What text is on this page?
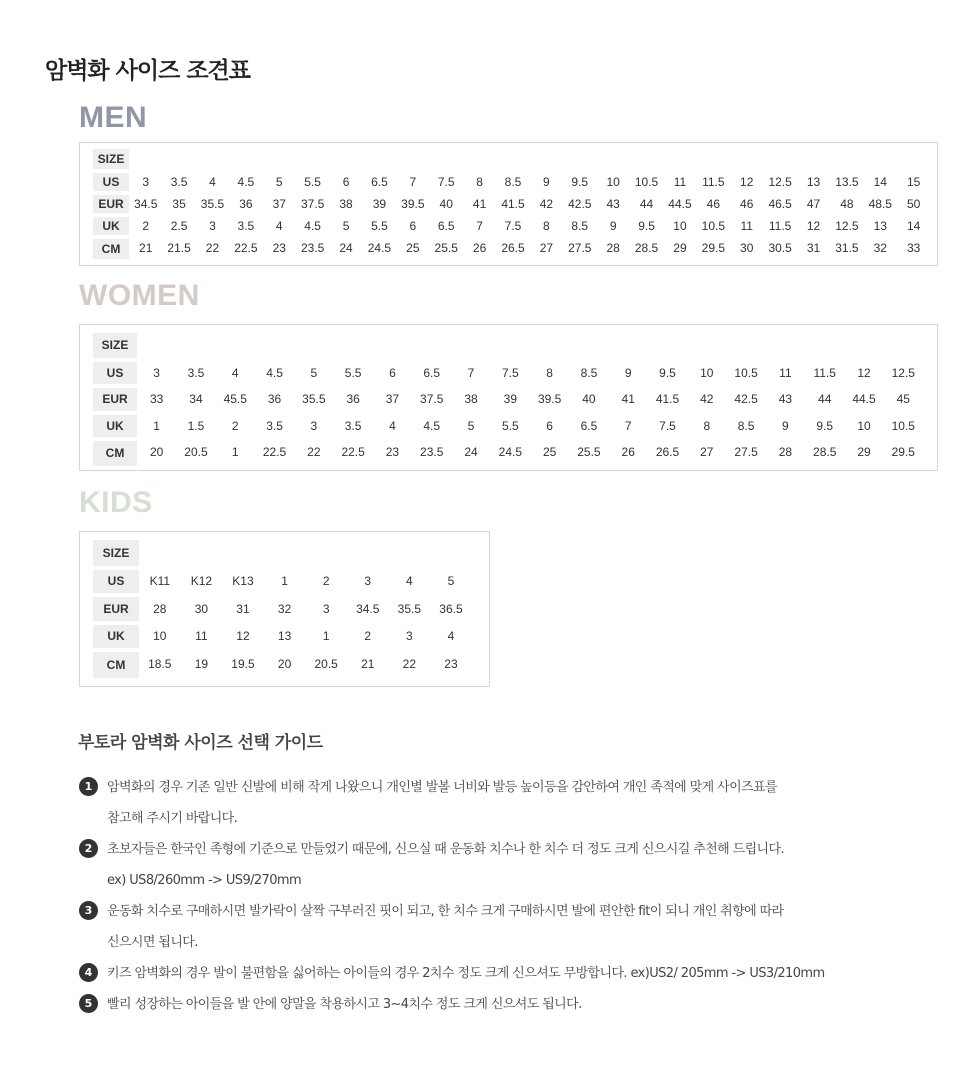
암벽화 사이즈 조견표
MEN
SIZE																								
US	3	3.5	4	4.5	5	5.5	6	6.5	7	7.5	8	8.5	9	9.5	10	10.5	11	11.5	12	12.5	13	13.5	14	15
EUR	34.5	35	35.5	36	37	37.5	38	39	39.5	40	41	41.5	42	42.5	43	44	44.5	46	46	46.5	47	48	48.5	50
UK	2	2.5	3	3.5	4	4.5	5	5.5	6	6.5	7	7.5	8	8.5	9	9.5	10	10.5	11	11.5	12	12.5	13	14
CM	21	21.5	22	22.5	23	23.5	24	24.5	25	25.5	26	26.5	27	27.5	28	28.5	29	29.5	30	30.5	31	31.5	32	33
WOMEN
SIZE																				
US	3	3.5	4	4.5	5	5.5	6	6.5	7	7.5	8	8.5	9	9.5	10	10.5	11	11.5	12	12.5
EUR	33	34	45.5	36	35.5	36	37	37.5	38	39	39.5	40	41	41.5	42	42.5	43	44	44.5	45
UK	1	1.5	2	3.5	3	3.5	4	4.5	5	5.5	6	6.5	7	7.5	8	8.5	9	9.5	10	10.5
CM	20	20.5	1	22.5	22	22.5	23	23.5	24	24.5	25	25.5	26	26.5	27	27.5	28	28.5	29	29.5
KIDS
SIZE								
US	K11	K12	K13	1	2	3	4	5
EUR	28	30	31	32	3	34.5	35.5	36.5
UK	10	11	12	13	1	2	3	4
CM	18.5	19	19.5	20	20.5	21	22	23
부토라 암벽화 사이즈 선택 가이드
1	암벽화의 경우 기존 일반 신발에 비해 작게 나왔으니 개인별 발볼 너비와 발등 높이등을 감안하여 개인 족적에 맞게 사이즈표를

참고해 주시기 바랍니다.

2	초보자들은 한국인 족형에 기준으로 만들었기 때문에, 신으실 때 운동화 치수나 한 치수 더 정도 크게 신으시길 추천해 드립니다.

ex) US8/260mm -> US9/270mm

3	운동화 치수로 구매하시면 발가락이 살짝 구부러진 핏이 되고, 한 치수 크게 구매하시면 발에 편안한 fit이 되니 개인 취향에 따라

신으시면 됩니다.

4	키즈 암벽화의 경우 발이 불편함을 싫어하는 아이들의 경우 2치수 정도 크게 신으셔도 무방합니다. ex)US2/ 205mm -> US3/210mm

5	빨리 성장하는 아이들을 발 안에 양말을 착용하시고 3~4치수 정도 크게 신으셔도 됩니다.
